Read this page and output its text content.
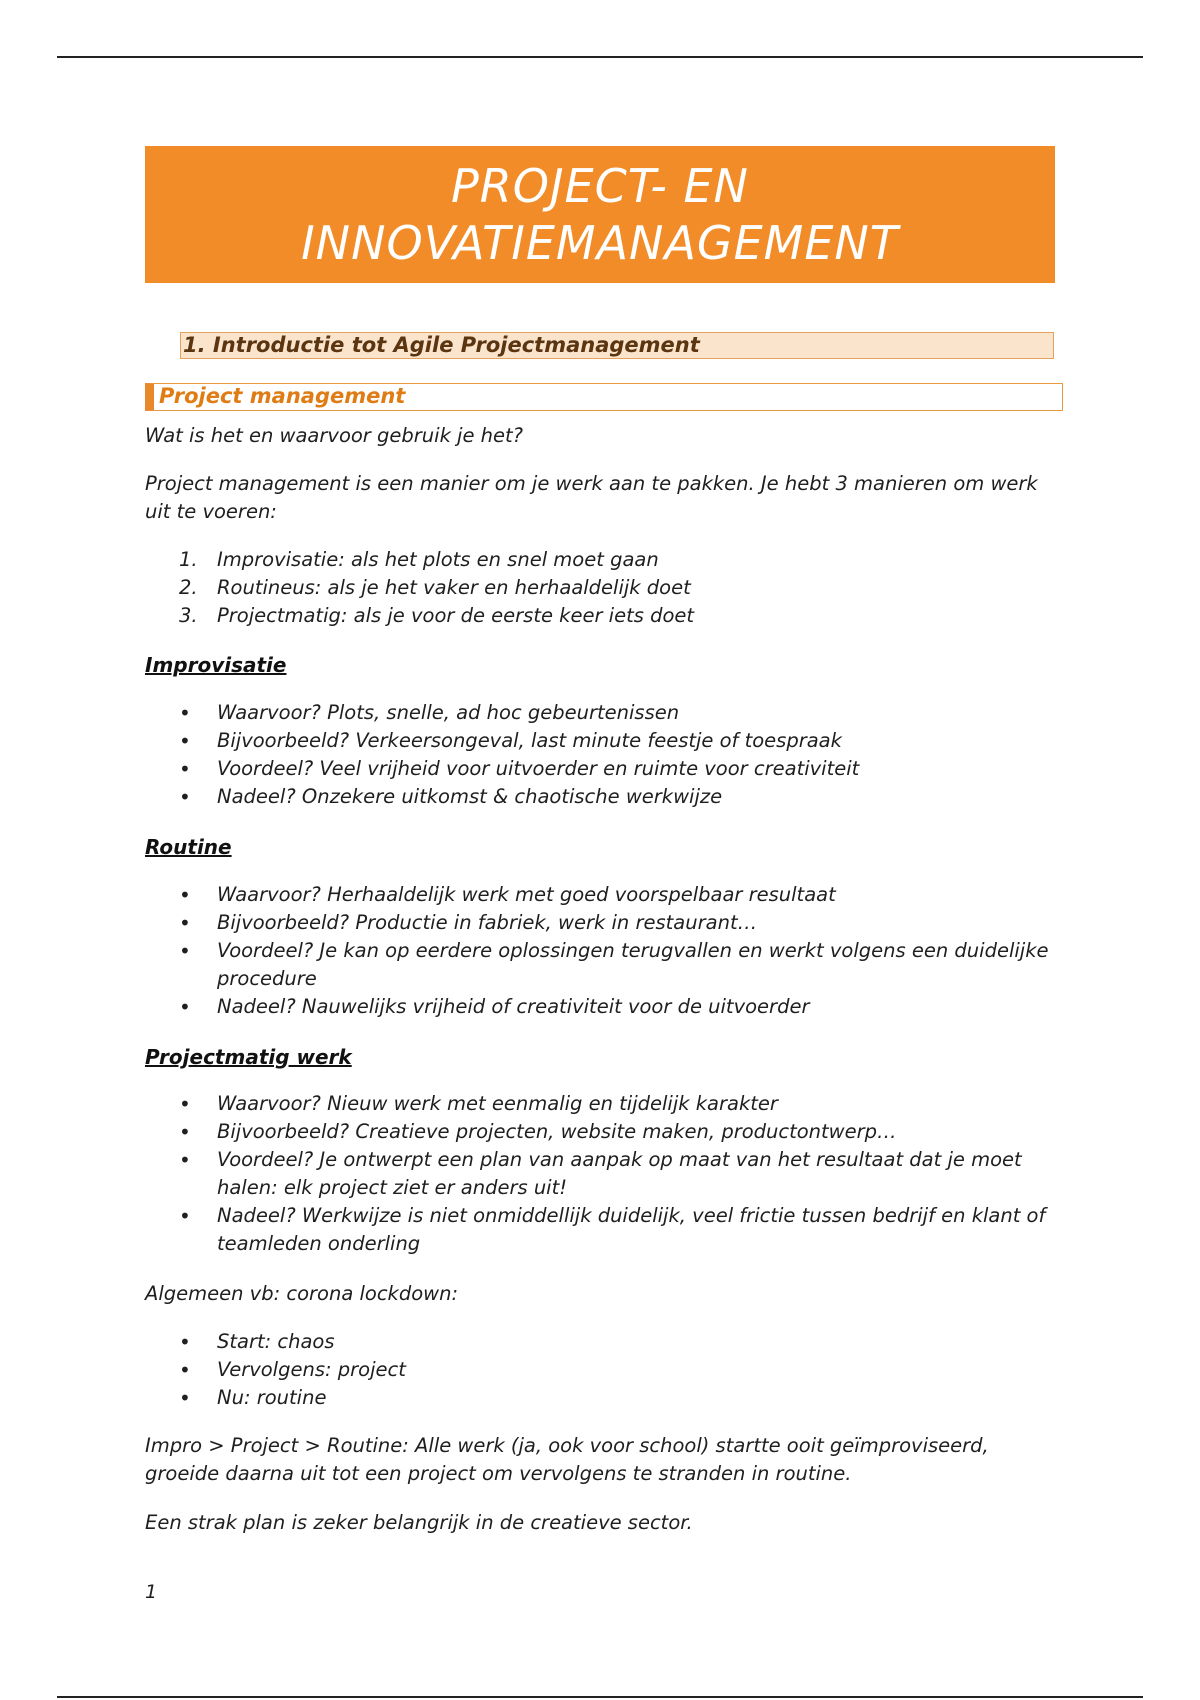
PROJECT- EN
INNOVATIEMANAGEMENT
1. Introductie tot Agile Projectmanagement
Project management

Wat is het en waarvoor gebruik je het?

Project management is een manier om je werk aan te pakken. Je hebt 3 manieren om werk uit te voeren:

1. Improvisatie: als het plots en snel moet gaan
2. Routineus: als je het vaker en herhaaldelijk doet
3. Projectmatig: als je voor de eerste keer iets doet

Improvisatie

• Waarvoor? Plots, snelle, ad hoc gebeurtenissen
• Bijvoorbeeld? Verkeersongeval, last minute feestje of toespraak
• Voordeel? Veel vrijheid voor uitvoerder en ruimte voor creativiteit
• Nadeel? Onzekere uitkomst & chaotische werkwijze

Routine

• Waarvoor? Herhaaldelijk werk met goed voorspelbaar resultaat
• Bijvoorbeeld? Productie in fabriek, werk in restaurant…
• Voordeel? Je kan op eerdere oplossingen terugvallen en werkt volgens een duidelijke procedure
• Nadeel? Nauwelijks vrijheid of creativiteit voor de uitvoerder

Projectmatig werk

• Waarvoor? Nieuw werk met eenmalig en tijdelijk karakter
• Bijvoorbeeld? Creatieve projecten, website maken, productontwerp…
• Voordeel? Je ontwerpt een plan van aanpak op maat van het resultaat dat je moet halen: elk project ziet er anders uit!
• Nadeel? Werkwijze is niet onmiddellijk duidelijk, veel frictie tussen bedrijf en klant of teamleden onderling

Algemeen vb: corona lockdown:

• Start: chaos
• Vervolgens: project
• Nu: routine

Impro > Project > Routine: Alle werk (ja, ook voor school) startte ooit geïmproviseerd, groeide daarna uit tot een project om vervolgens te stranden in routine.

Een strak plan is zeker belangrijk in de creatieve sector.

1
